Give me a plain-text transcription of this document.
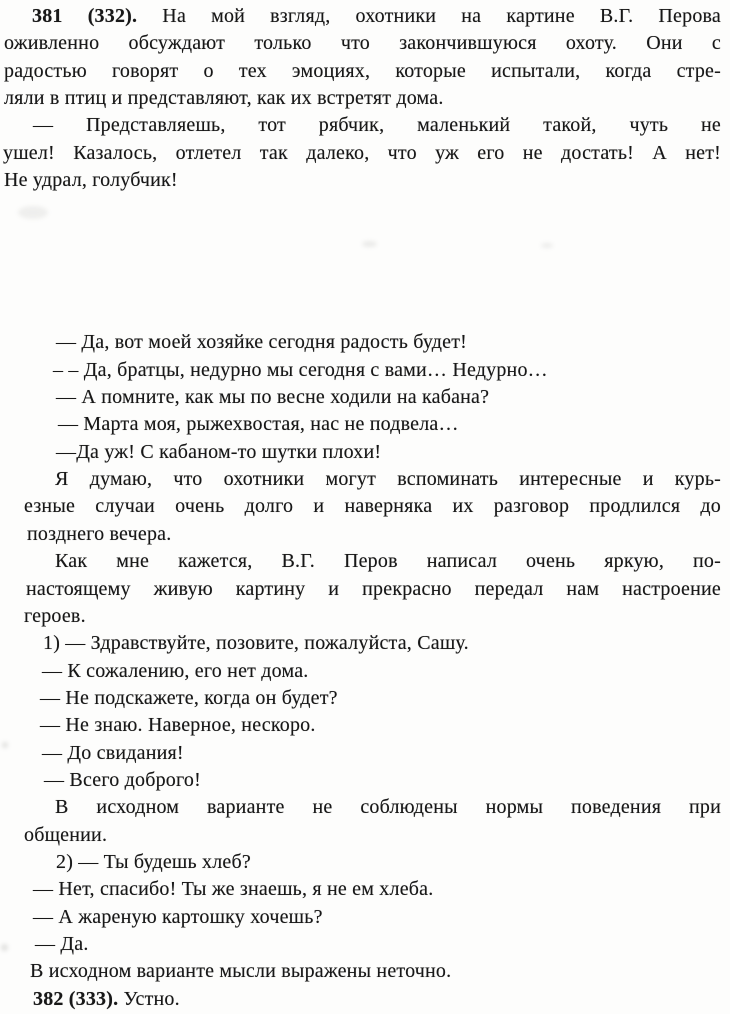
381 (332). На мой взгляд, охотники на картине В.Г. Перова
оживленно обсуждают только что закончившуюся охоту. Они с
радостью говорят о тех эмоциях, которые испытали, когда стре-
ляли в птиц и представляют, как их встретят дома.
— Представляешь, тот рябчик, маленький такой, чуть не
ушел! Казалось, отлетел так далеко, что уж его не достать! А нет!
Не удрал, голубчик!
— Да, вот моей хозяйке сегодня радость будет!
– – Да, братцы, недурно мы сегодня с вами… Недурно…
— А помните, как мы по весне ходили на кабана?
— Марта моя, рыжехвостая, нас не подвела…
—Да уж! С кабаном-то шутки плохи!
Я думаю, что охотники могут вспоминать интересные и курь-
езные случаи очень долго и наверняка их разговор продлился до
позднего вечера.
Как мне кажется, В.Г. Перов написал очень яркую, по-
настоящему живую картину и прекрасно передал нам настроение
героев.
1) — Здравствуйте, позовите, пожалуйста, Сашу.
— К сожалению, его нет дома.
— Не подскажете, когда он будет?
— Не знаю. Наверное, нескоро.
— До свидания!
— Всего доброго!
В исходном варианте не соблюдены нормы поведения при
общении.
2) — Ты будешь хлеб?
— Нет, спасибо! Ты же знаешь, я не ем хлеба.
— А жареную картошку хочешь?
— Да.
В исходном варианте мысли выражены неточно.
382 (333). Устно.
